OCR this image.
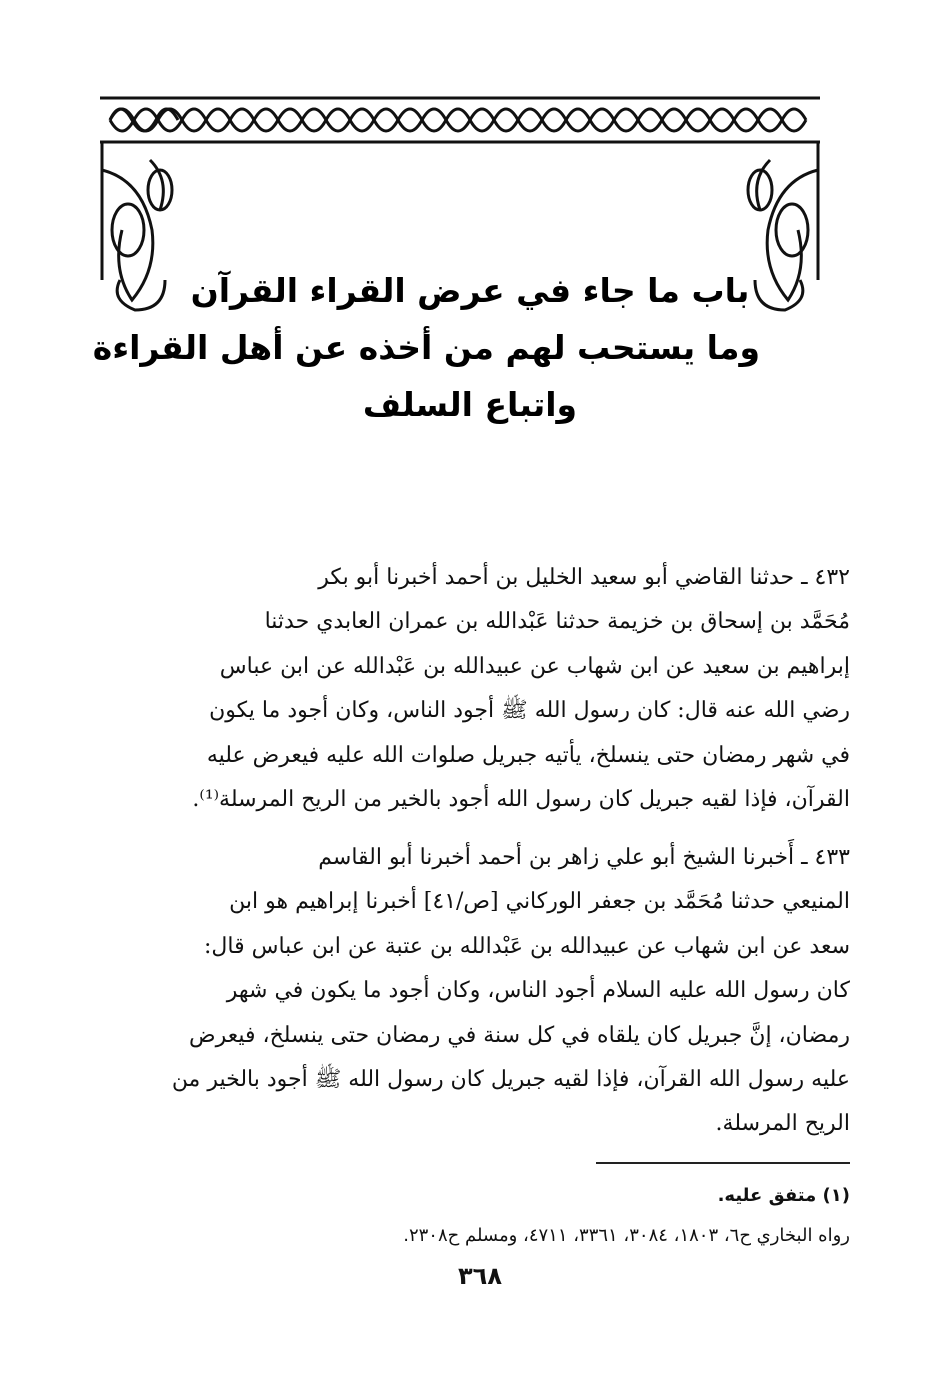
باب ما جاء في عرض القراء القرآن
وما يستحب لهم من أخذه عن أهل القراءة
واتباع السلف
٤٣٢ ـ حدثنا القاضي أبو سعيد الخليل بن أحمد أخبرنا أبو بكر
مُحَمَّد بن إسحاق بن خزيمة حدثنا عَبْدالله بن عمران العابدي حدثنا
إبراهيم بن سعيد عن ابن شهاب عن عبيدالله بن عَبْدالله عن ابن عباس
رضي الله عنه قال: كان رسول الله ﷺ أجود الناس، وكان أجود ما يكون
في شهر رمضان حتى ينسلخ، يأتيه جبريل صلوات الله عليه فيعرض عليه
القرآن، فإذا لقيه جبريل كان رسول الله أجود بالخير من الريح المرسلة⁽¹⁾.
٤٣٣ ـ أَخبرنا الشيخ أبو علي زاهر بن أحمد أخبرنا أبو القاسم
المنيعي حدثنا مُحَمَّد بن جعفر الوركاني [ص/٤١] أخبرنا إبراهيم هو ابن
سعد عن ابن شهاب عن عبيدالله بن عَبْدالله بن عتبة عن ابن عباس قال:
كان رسول الله عليه السلام أجود الناس، وكان أجود ما يكون في شهر
رمضان، إنَّ جبريل كان يلقاه في كل سنة في رمضان حتى ينسلخ، فيعرض
عليه رسول الله القرآن، فإذا لقيه جبريل كان رسول الله ﷺ أجود بالخير من
الريح المرسلة.
(١) متفق عليه.
رواه البخاري ح٦، ١٨٠٣، ٣٠٨٤، ٣٣٦١، ٤٧١١، ومسلم ح٢٣٠٨.
٣٦٨
